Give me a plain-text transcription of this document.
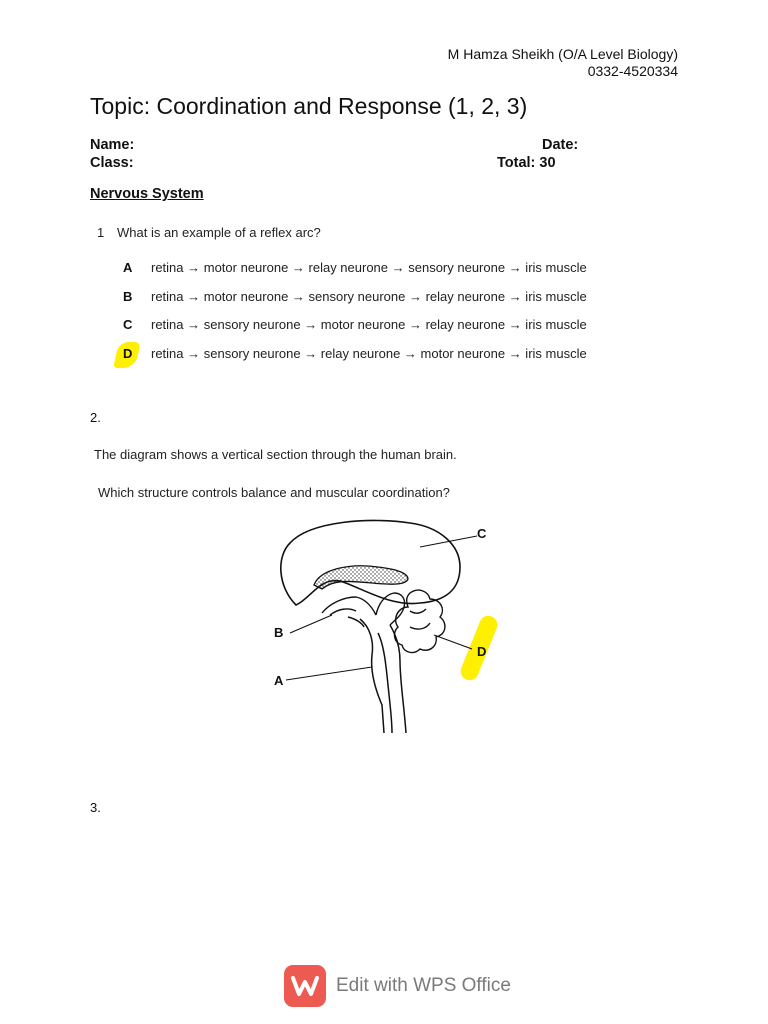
M Hamza Sheikh (O/A Level Biology)
0332-4520334
Topic: Coordination and Response (1, 2, 3)
Name:	Date:
Class:	Total: 30
Nervous System
1 What is an example of a reflex arc?
A retina → motor neurone → relay neurone → sensory neurone → iris muscle
B retina → motor neurone → sensory neurone → relay neurone → iris muscle
C retina → sensory neurone → motor neurone → relay neurone → iris muscle
D retina → sensory neurone → relay neurone → motor neurone → iris muscle
2.
The diagram shows a vertical section through the human brain.
Which structure controls balance and muscular coordination?
C
B
A
D
3.
Edit with WPS Office
